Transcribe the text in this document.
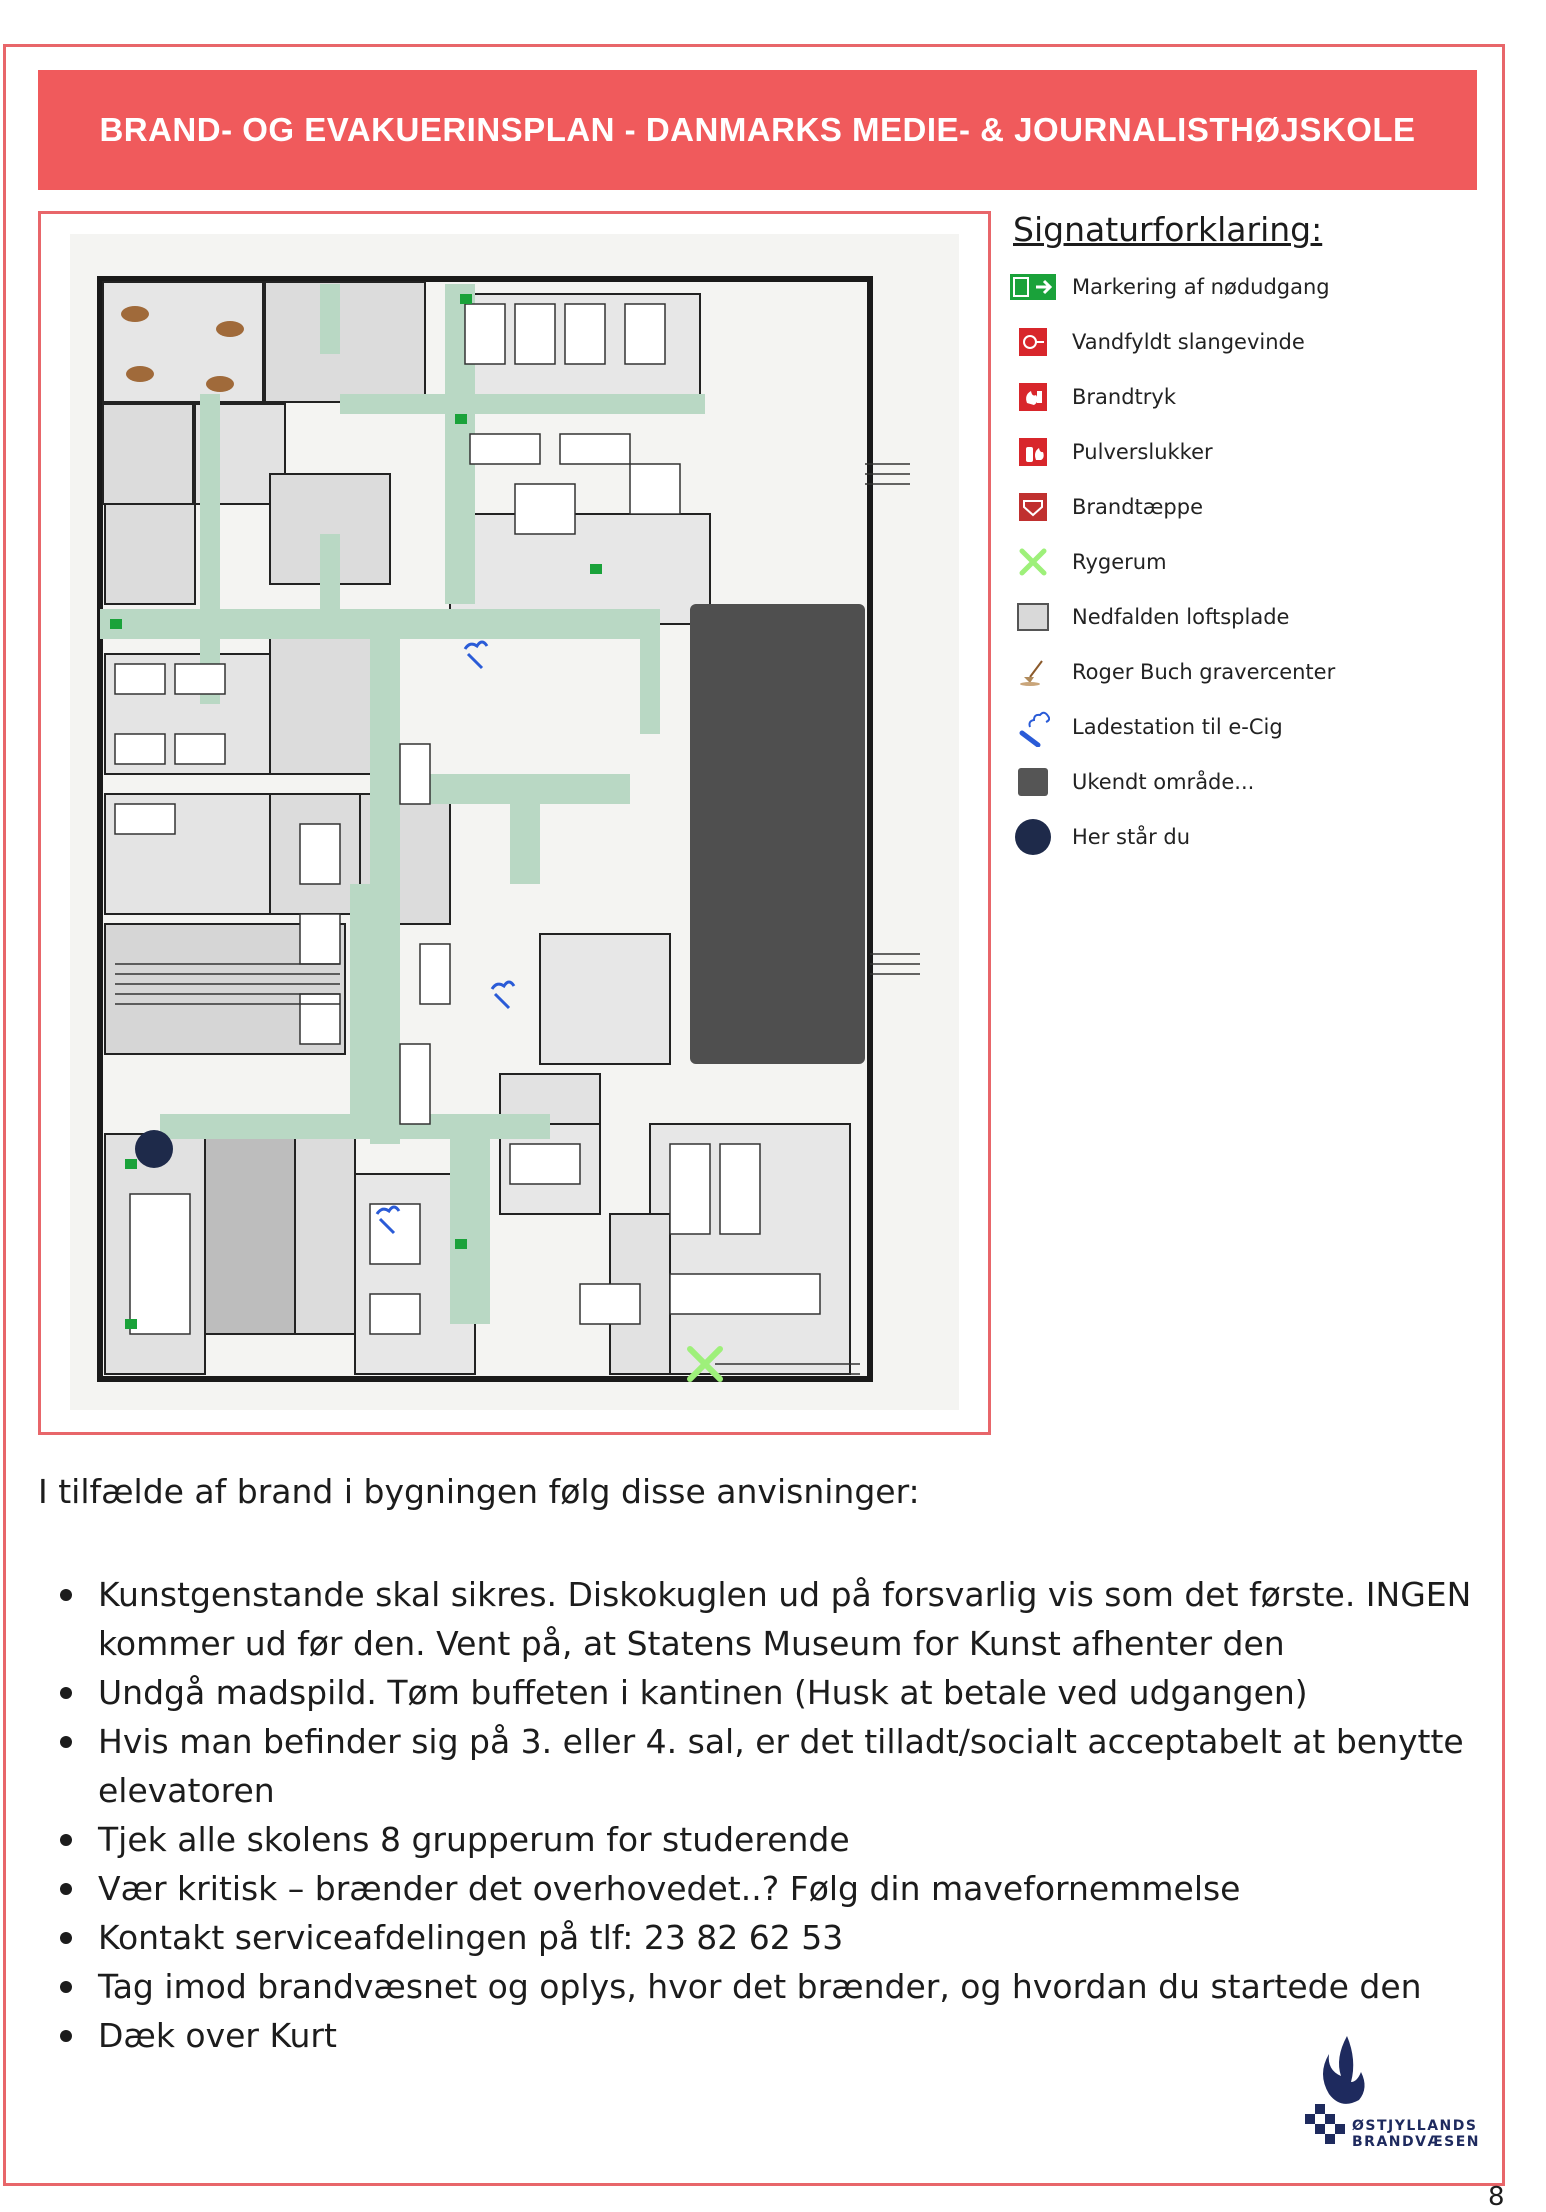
BRAND- OG EVAKUERINSPLAN - DANMARKS MEDIE- & JOURNALISTHØJSKOLE
Signaturforklaring:
Markering af nødudgang
Vandfyldt slangevinde
Brandtryk
Pulverslukker
Brandtæppe
Rygerum
Nedfalden loftsplade
Roger Buch gravercenter
Ladestation til e-Cig
Ukendt område...
Her står du
I tilfælde af brand i bygningen følg disse anvisninger:
Kunstgenstande skal sikres. Diskokuglen ud på forsvarlig vis som det første. INGEN kommer ud før den. Vent på, at Statens Museum for Kunst afhenter den
Undgå madspild. Tøm buffeten i kantinen (Husk at betale ved udgangen)
Hvis man befinder sig på 3. eller 4. sal, er det tilladt/socialt acceptabelt at benytte elevatoren
Tjek alle skolens 8 grupperum for studerende
Vær kritisk – brænder det overhovedet..? Følg din mavefornemmelse
Kontakt serviceafdelingen på tlf: 23 82 62 53
Tag imod brandvæsnet og oplys, hvor det brænder, og hvordan du startede den
Dæk over Kurt
ØSTJYLLANDS
BRANDVÆSEN
8
